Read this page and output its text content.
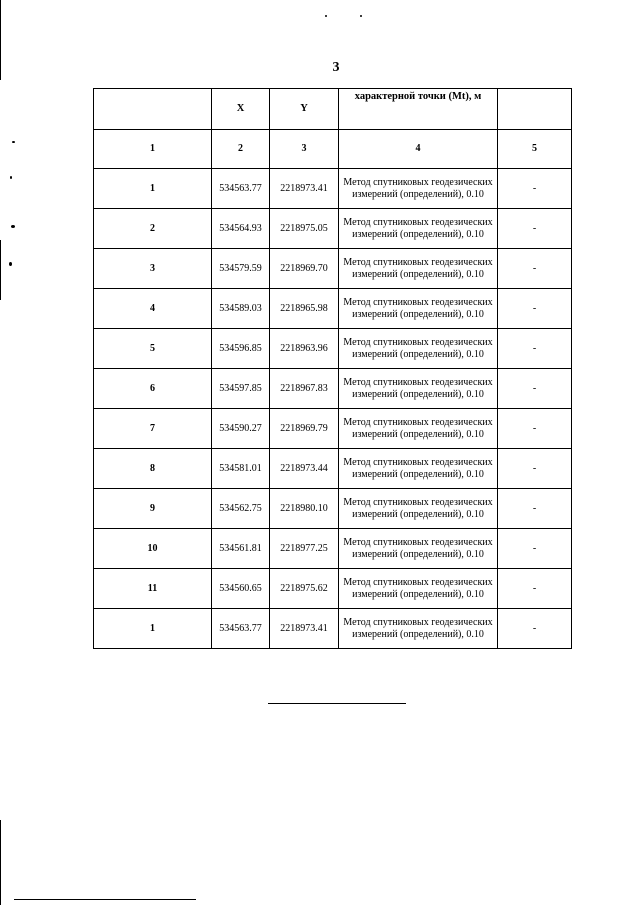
3
	X	Y	характерной точки (Mt), м	
1	2	3	4	5
1	534563.77	2218973.41	Метод спутниковых геодезических измерений (определений), 0.10	-
2	534564.93	2218975.05	Метод спутниковых геодезических измерений (определений), 0.10	-
3	534579.59	2218969.70	Метод спутниковых геодезических измерений (определений), 0.10	-
4	534589.03	2218965.98	Метод спутниковых геодезических измерений (определений), 0.10	-
5	534596.85	2218963.96	Метод спутниковых геодезических измерений (определений), 0.10	-
6	534597.85	2218967.83	Метод спутниковых геодезических измерений (определений), 0.10	-
7	534590.27	2218969.79	Метод спутниковых геодезических измерений (определений), 0.10	-
8	534581.01	2218973.44	Метод спутниковых геодезических измерений (определений), 0.10	-
9	534562.75	2218980.10	Метод спутниковых геодезических измерений (определений), 0.10	-
10	534561.81	2218977.25	Метод спутниковых геодезических измерений (определений), 0.10	-
11	534560.65	2218975.62	Метод спутниковых геодезических измерений (определений), 0.10	-
1	534563.77	2218973.41	Метод спутниковых геодезических измерений (определений), 0.10	-
